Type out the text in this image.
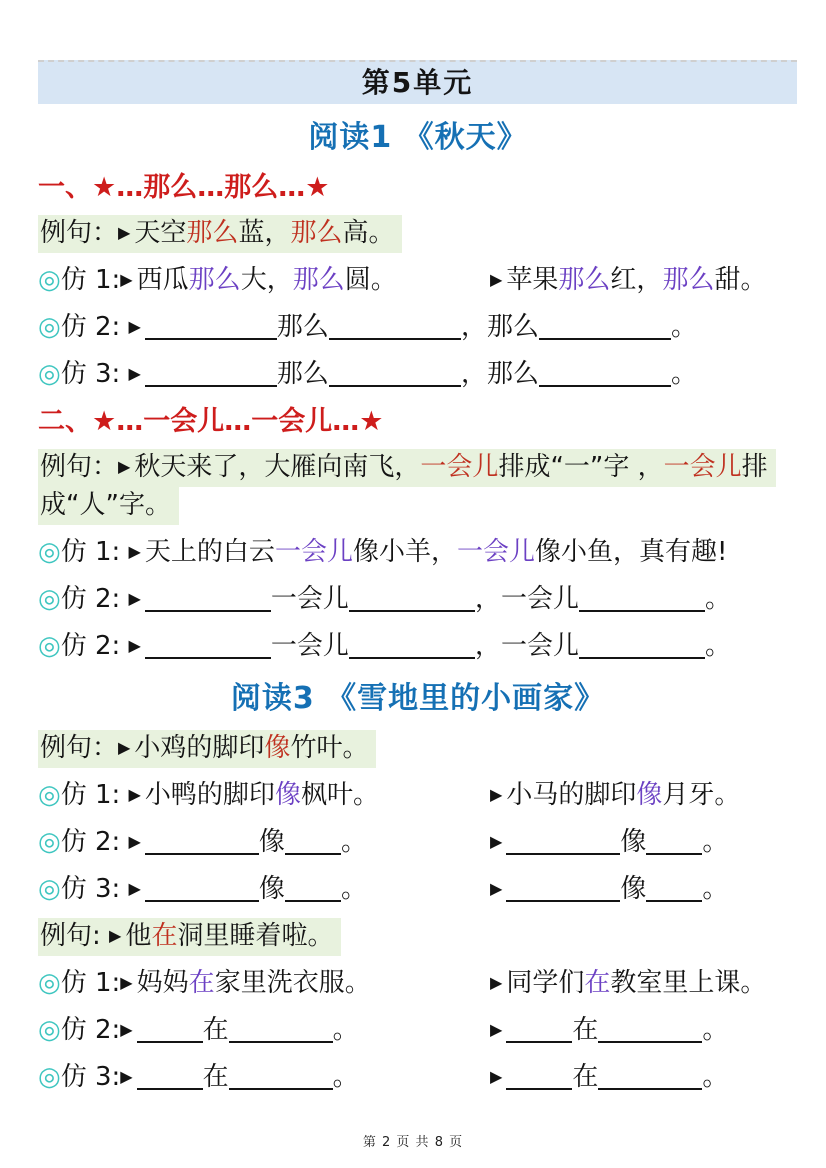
第5单元
阅读1 《秋天》
一、★…那么…那么…★
例句：▶ 天空那么蓝，那么高。
◎仿 1:▶ 西瓜那么大，那么圆。	▶ 苹果那么红，那么甜。
◎仿 2: ▶	那么	，那么	。
◎仿 3: ▶	那么	，那么	。
二、★…一会儿…一会儿…★
例句：▶ 秋天来了，大雁向南飞，一会儿排成“一”字 ，一会儿排成“人”字。
◎仿 1: ▶ 天上的白云一会儿像小羊，一会儿像小鱼，真有趣!
◎仿 2: ▶	一会儿	，一会儿	。
◎仿 2: ▶	一会儿	，一会儿	。
阅读3 《雪地里的小画家》
例句：▶ 小鸡的脚印像竹叶。
◎仿 1: ▶ 小鸭的脚印像枫叶。	▶ 小马的脚印像月牙。
◎仿 2: ▶	像 。	▶	像 。
◎仿 3: ▶	像 。	▶	像 。
例句: ▶ 他在洞里睡着啦。
◎仿 1:▶ 妈妈在家里洗衣服。	▶ 同学们在教室里上课。
◎仿 2:▶	在	。	▶	在	。
◎仿 3:▶	在	。	▶	在	。
第 2 页 共 8 页
